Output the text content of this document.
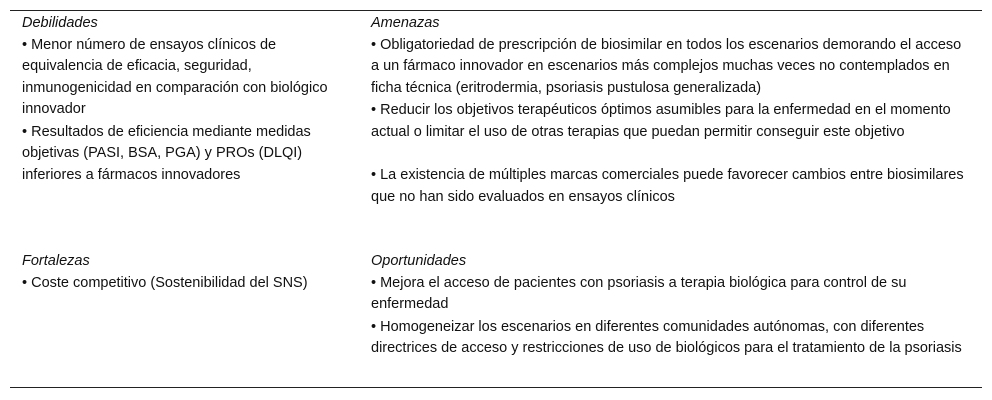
Debilidades
• Menor número de ensayos clínicos de equivalencia de eficacia, seguridad, inmunogenicidad en comparación con biológico innovador
• Resultados de eficiencia mediante medidas objetivas (PASI, BSA, PGA) y PROs (DLQI) inferiores a fármacos innovadores
Amenazas
• Obligatoriedad de prescripción de biosimilar en todos los escenarios demorando el acceso a un fármaco innovador en escenarios más complejos muchas veces no contemplados en ficha técnica (eritrodermia, psoriasis pustulosa generalizada)
• Reducir los objetivos terapéuticos óptimos asumibles para la enfermedad en el momento actual o limitar el uso de otras terapias que puedan permitir conseguir este objetivo
• La existencia de múltiples marcas comerciales puede favorecer cambios entre biosimilares que no han sido evaluados en ensayos clínicos
Fortalezas
• Coste competitivo (Sostenibilidad del SNS)
Oportunidades
• Mejora el acceso de pacientes con psoriasis a terapia biológica para control de su enfermedad
• Homogeneizar los escenarios en diferentes comunidades autónomas, con diferentes directrices de acceso y restricciones de uso de biológicos para el tratamiento de la psoriasis
